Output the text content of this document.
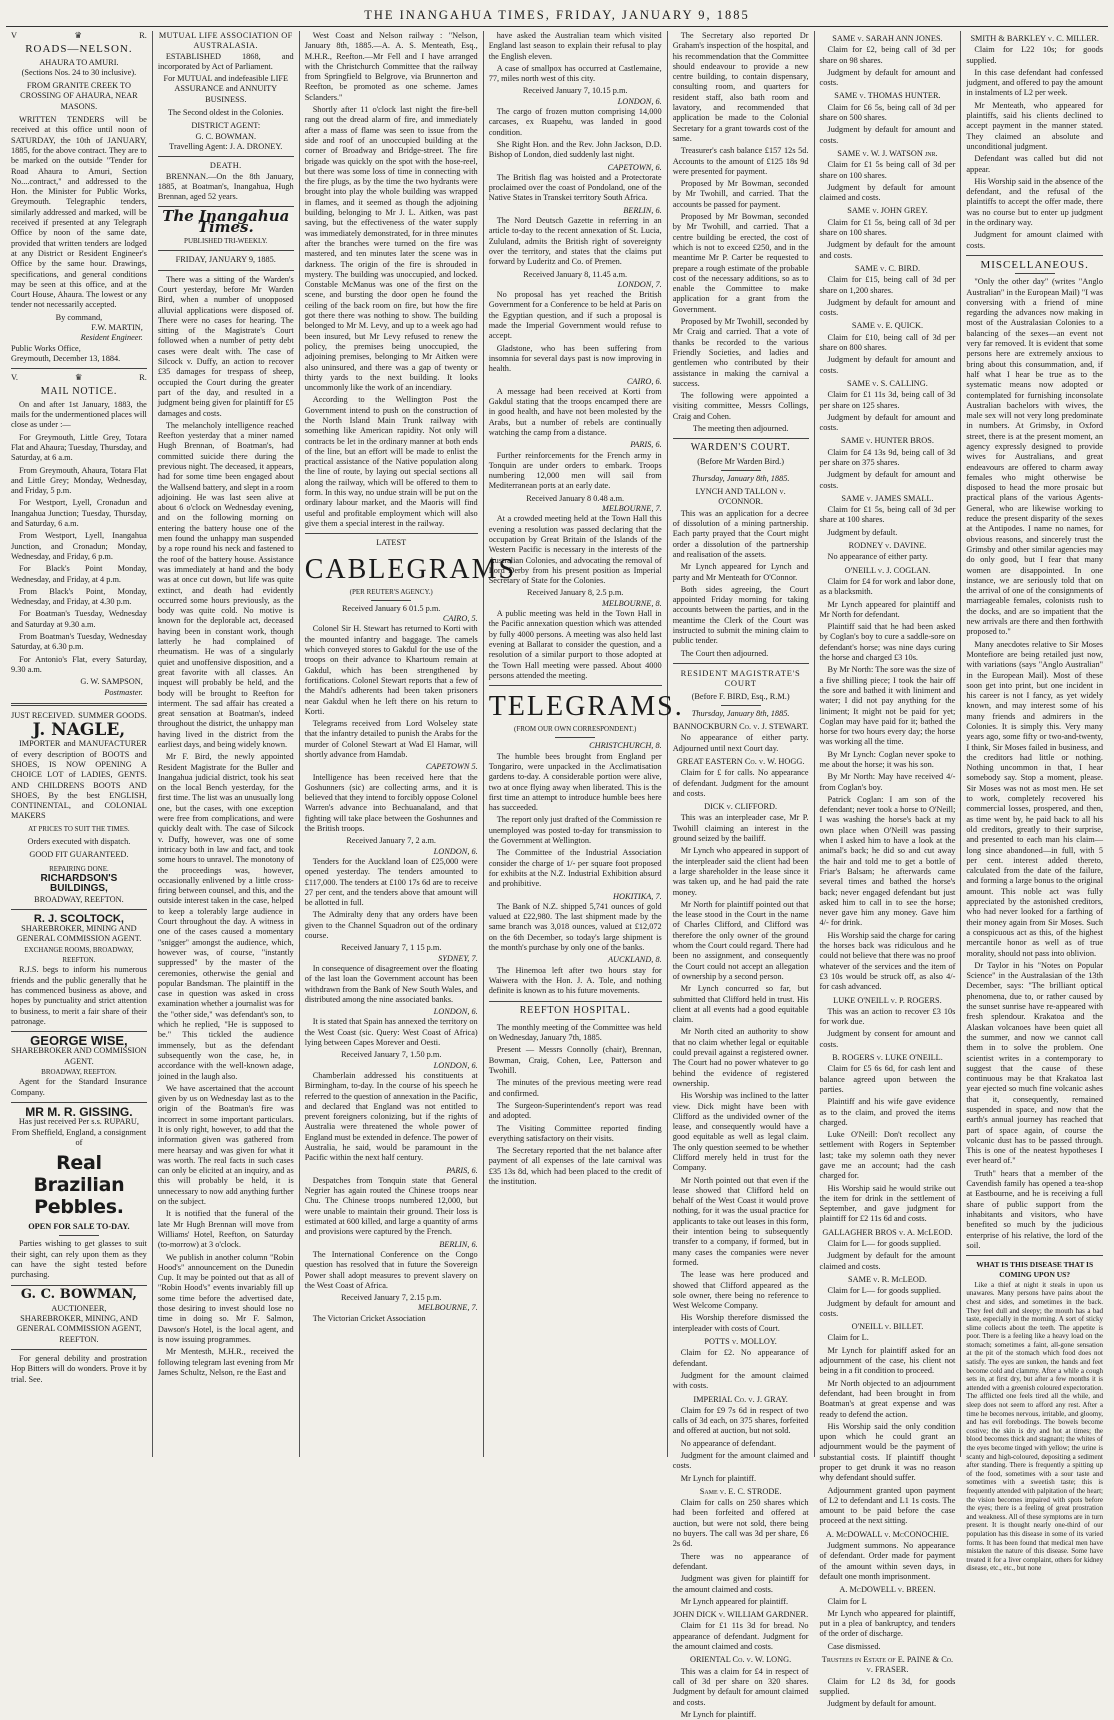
THE INANGAHUA TIMES, FRIDAY, JANUARY 9, 1885
V	♛	R.
ROADS—NELSON.
AHAURA TO AMURI.
(Sections Nos. 24 to 30 inclusive).
FROM GRANITE CREEK TO CROSSING OF AHAURA, NEAR MASONS.

WRITTEN TENDERS will be received at this office until noon of SATURDAY, the 10th of JANUARY, 1885, for the above contract. They are to be marked on the outside "Tender for Road Ahaura to Amuri, Section No....contract," and addressed to the Hon. the Minister for Public Works, Greymouth. Telegraphic tenders, similarly addressed and marked, will be received if presented at any Telegraph Office by noon of the same date, provided that written tenders are lodged at any District or Resident Engineer's Office by the same hour. Drawings, specifications, and general conditions may be seen at this office, and at the Court House, Ahaura. The lowest or any tender not necessarily accepted.

By command,
F.W. MARTIN,
Resident Engineer.
Public Works Office,
Greymouth, December 13, 1884.
V.	♛	R.
MAIL NOTICE.

On and after 1st January, 1883, the mails for the undermentioned places will close as under :—

For Greymouth, Little Grey, Totara Flat and Ahaura; Tuesday, Thursday, and Saturday, at 6 a.m.

From Greymouth, Ahaura, Totara Flat and Little Grey; Monday, Wednesday, and Friday, 5 p.m.

For Westport, Lyell, Cronadun and Inangahua Junction; Tuesday, Thursday, and Saturday, 6 a.m.

From Westport, Lyell, Inangahua Junction, and Cronadun; Monday, Wednesday, and Friday, 6 p.m.

For Black's Point Monday, Wednesday, and Friday, at 4 p.m.

From Black's Point, Monday, Wednesday, and Friday, at 4.30 p.m.

For Boatman's Tuesday, Wednesday and Saturday at 9.30 a.m.

From Boatman's Tuesday, Wednesday Saturday, at 6.30 p.m.

For Antonio's Flat, every Saturday, 9.30 a.m.

G. W. SAMPSON,
Postmaster.
JUST RECEIVED. SUMMER GOODS.
J. NAGLE,

IMPORTER and MANUFACTURER of every description of BOOTS and SHOES, IS NOW OPENING A CHOICE LOT of LADIES, GENTS. AND CHILDRENS BOOTS AND SHOES, By the best ENGLISH, CONTINENTAL, and COLONIAL MAKERS

AT PRICES TO SUIT THE TIMES.
Orders executed with dispatch.
GOOD FIT GUARANTEED.
REPAIRING DONE.
RICHARDSON'S BUILDINGS,
BROADWAY, REEFTON.
R. J. SCOLTOCK,
SHAREBROKER, MINING AND GENERAL COMMISSION AGENT.
EXCHANGE ROOMS, BROADWAY, REEFTON.

R.J.S. begs to inform his numerous friends and the public generally that he has commenced business as above, and hopes by punctuality and strict attention to business, to merit a fair share of their patronage.

GEORGE WISE,
SHAREBROKER AND COMMISSION AGENT.
BROADWAY, REEFTON.

Agent for the Standard Insurance Company.

MR M. R. GISSING.
Has just received Per s.s. RUPARU, From Sheffield, England, a consignment of
Real Brazilian Pebbles.
OPEN FOR SALE TO-DAY.

Parties wishing to get glasses to suit their sight, can rely upon them as they can have the sight tested before purchasing.

G. C. BOWMAN,
AUCTIONEER,
SHAREBROKER, MINING, AND GENERAL COMMISSION AGENT,
REEFTON.

For general debility and prostration Hop Bitters will do wonders. Prove it by trial. See.

MUTUAL LIFE ASSOCIATION OF AUSTRALASIA.

ESTABLISHED 1868, and incorporated by Act of Parliament.

For MUTUAL and indefeasible LIFE ASSURANCE and ANNUITY BUSINESS.
The Second oldest in the Colonies.
DISTRICT AGENT:
G. C. BOWMAN.
Travelling Agent: J. A. DRONEY.
DEATH.

BRENNAN.—On the 8th January, 1885, at Boatman's, Inangahua, Hugh Brennan, aged 52 years.

The Inangahua Times.
PUBLISHED TRI-WEEKLY.
FRIDAY, JANUARY 9, 1885.

There was a sitting of the Warden's Court yesterday, before Mr Warden Bird, when a number of unopposed alluvial applications were disposed of. There were no cases for hearing. The sitting of the Magistrate's Court followed when a number of petty debt cases were dealt with. The case of Silcock v. Duffy, an action to recover £35 damages for trespass of sheep, occupied the Court during the greater part of the day, and resulted in a judgment being given for plaintiff for £5 damages and costs.

The melancholy intelligence reached Reefton yesterday that a miner named Hugh Brennan, of Boatman's, had committed suicide there during the previous night. The deceased, it appears, had for some time been engaged about the Wallsend battery, and slept in a room adjoining. He was last seen alive at about 6 o'clock on Wednesday evening, and on the following morning on entering the battery house one of the men found the unhappy man suspended by a rope round his neck and fastened to the roof of the battery house. Assistance was immediately at hand and the body was at once cut down, but life was quite extinct, and death had evidently occurred some hours previously, as the body was quite cold. No motive is known for the deplorable act, deceased having been in constant work, though latterly he had complained of rheumatism. He was of a singularly quiet and unoffensive disposition, and a great favorite with all classes. An inquest will probably be held, and the body will be brought to Reefton for interment. The sad affair has created a great sensation at Boatman's, indeed throughout the district, the unhappy man having lived in the district from the earliest days, and being widely known.

Mr F. Bird, the newly appointed Resident Magistrate for the Buller and Inangahua judicial district, took his seat on the local Bench yesterday, for the first time. The list was an unusually long one, but the cases, with one exception were free from complications, and were quickly dealt with. The case of Silcock v. Duffy, however, was one of some intricacy both in law and fact, and took some hours to unravel. The monotony of the proceedings was, however, occasionally enlivened by a little cross-firing between counsel, and this, and the outside interest taken in the case, helped to keep a tolerably large audience in Court throughout the day. A witness in one of the cases caused a momentary "snigger" amongst the audience, which, however was, of course, "instantly suppressed" by the master of the ceremonies, otherwise the genial and popular Bandsman. The plaintiff in the case in question was asked in cross examination whether a journalist was for the "other side," was defendant's son, to which he replied, "He is supposed to be." This tickled the audience immensely, but as the defendant subsequently won the case, he, in accordance with the well-known adage, joined in the laugh also.

We have ascertained that the account given by us on Wednesday last as to the origin of the Boatman's fire was incorrect in some important particulars. It is only right, however, to add that the information given was gathered from mere hearsay and was given for what it was worth. The real facts in such cases can only be elicited at an inquiry, and as this will probably be held, it is unnecessary to now add anything further on the subject.

It is notified that the funeral of the late Mr Hugh Brennan will move from Williams' Hotel, Reefton, on Saturday (to-morrow) at 3 o'clock.

We publish in another column "Robin Hood's" announcement on the Dunedin Cup. It may be pointed out that as all of "Robin Hood's" events invariably fill up some time before the advertised date, those desiring to invest should lose no time in doing so. Mr F. Salmon, Dawson's Hotel, is the local agent, and is now issuing programmes.

Mr Mentesth, M.H.R., received the following telegram last evening from Mr James Schultz, Nelson, re the East and

West Coast and Nelson railway : "Nelson, January 8th, 1885.—A. A. S. Menteath, Esq., M.H.R., Reefton.—Mr Fell and I have arranged with the Christchurch Committee that the railway from Springfield to Belgrove, via Brunnerton and Reefton, be promoted as one scheme. James Sclanders."

Shortly after 11 o'clock last night the fire-bell rang out the dread alarm of fire, and immediately after a mass of flame was seen to issue from the side and roof of an unoccupied building at the corner of Broadway and Bridge-street. The fire brigade was quickly on the spot with the hose-reel, but there was some loss of time in connecting with the fire plugs, as by the time the two hydrants were brought into play the whole building was wrapped in flames, and it seemed as though the adjoining building, belonging to Mr J. L. Aitken, was past saving, but the effectiveness of the water supply was immediately demonstrated, for in three minutes after the branches were turned on the fire was mastered, and ten minutes later the scene was in darkness. The origin of the fire is shrouded in mystery. The building was unoccupied, and locked. Constable McManus was one of the first on the scene, and bursting the door open he found the ceiling of the back room on fire, but how the fire got there there was nothing to show. The building belonged to Mr M. Levy, and up to a week ago had been insured, but Mr Levy refused to renew the policy, the premises being unoccupied, the adjoining premises, belonging to Mr Aitken were also uninsured, and there was a gap of twenty or thirty yards to the next building. It looks uncommonly like the work of an incendiary.

According to the Wellington Post the Government intend to push on the construction of the North Island Main Trunk railway with something like American rapidity. Not only will contracts be let in the ordinary manner at both ends of the line, but an effort will be made to enlist the practical assistance of the Native population along the line of route, by laying out special sections all along the railway, which will be offered to them to form. In this way, no undue strain will be put on the ordinary labour market, and the Maoris will find useful and profitable employment which will also give them a special interest in the railway.

LATEST
CABLEGRAMS
(PER REUTER'S AGENCY.)
Received January 6 01.5 p.m.
CAIRO, 5.

Colonel Sir H. Stewart has returned to Korti with the mounted infantry and baggage. The camels which conveyed stores to Gakdul for the use of the troops on their advance to Khartoum remain at Gakdul, which has been strengthened by fortifications. Colonel Stewart reports that a few of the Mahdi's adherents had been taken prisoners near Gakdul when he left there on his return to Korti.

Telegrams received from Lord Wolseley state that the infantry detailed to punish the Arabs for the murder of Colonel Stewart at Wad El Hamar, will shortly advance from Hamdab.

CAPETOWN 5.

Intelligence has been received here that the Goshunners (sic) are collecting arms, and it is believed that they intend to forcibly oppose Colonel Warren's advance into Bechuanaland, and that fighting will take place between the Goshunnes and the British troops.

Received January 7, 2 a.m.
LONDON, 6.

Tenders for the Auckland loan of £25,000 were opened yesterday. The tenders amounted to £117,000. The tenders at £100 17s 6d are to receive 27 per cent, and the tenders above that amount will be allotted in full.

The Admiralty deny that any orders have been given to the Channel Squadron out of the ordinary course.

Received January 7, 1 15 p.m.
SYDNEY, 7.

In consequence of disagreement over the floating of the last loan the Government account has been withdrawn from the Bank of New South Wales, and distributed among the nine associated banks.

LONDON, 6.

It is stated that Spain has annexed the territory on the West Coast (sic. Query: West Coast of Africa) lying between Capes Morever and Oesti.

Received January 7, 1.50 p.m.
LONDON, 6.

Chamberlain addressed his constituents at Birmingham, to-day. In the course of his speech he referred to the question of annexation in the Pacific, and declared that England was not entitled to prevent foreigners colonizing, but if the rights of Australia were threatened the whole power of England must be extended in defence. The power of Australia, he said, would be paramount in the Pacific within the next half century.

PARIS, 6.

Despatches from Tonquin state that General Negrier has again routed the Chinese troops near Chu. The Chinese troops numbered 12,000, but were unable to maintain their ground. Their loss is estimated at 600 killed, and large a quantity of arms and provisions were captured by the French.

BERLIN, 6.

The International Conference on the Congo question has resolved that in future the Sovereign Power shall adopt measures to prevent slavery on the West Coast of Africa.

Received January 7, 2.15 p.m.
MELBOURNE, 7.

The Victorian Cricket Association

have asked the Australian team which visited England last season to explain their refusal to play the English eleven.

A case of smallpox has occurred at Castlemaine, 77, miles north west of this city.

Received January 7, 10.15 p.m.
LONDON, 6.

The cargo of frozen mutton comprising 14,000 carcases, ex Ruapehu, was landed in good condition.

She Right Hon. and the Rev. John Jackson, D.D. Bishop of London, died suddenly last night.

CAPETOWN, 6.

The British flag was hoisted and a Protectorate proclaimed over the coast of Pondoland, one of the Native States in Transkei territory South Africa.

BERLIN, 6.

The Nord Deutsch Gazette in referring in an article to-day to the recent annexation of St. Lucia, Zululand, admits the British right of sovereignty over the territory, and states that the claims put forward by Luderitz and Co. of Premen.

Received January 8, 11.45 a.m.
LONDON, 7.

No proposal has yet reached the British Government for a Conference to be held at Paris on the Egyptian question, and if such a proposal is made the Imperial Government would refuse to accept.

Gladstone, who has been suffering from insomnia for several days past is now improving in health.

CAIRO, 6.

A message had been received at Korti from Gakdul stating that the troops encamped there are in good health, and have not been molested by the Arabs, but a number of rebels are continually watching the camp from a distance.

PARIS, 6.

Further reinforcements for the French army in Tonquin are under orders to embark. Troops numbering 12,000 men will sail from Mediterranean ports at an early date.

Received January 8 0.48 a.m.
MELBOURNE, 7.

At a crowded meeting held at the Town Hall this evening a resolution was passed declaring that the occupation by Great Britain of the Islands of the Western Pacific is necessary in the interests of the Australian Colonies, and advocating the removal of Lord Derby from his present position as Imperial Secretary of State for the Colonies.

Received January 8, 2.5 p.m.
MELBOURNE, 8.

A public meeting was held in the Town Hall in the Pacific annexation question which was attended by fully 4000 persons. A meeting was also held last evening at Ballarat to consider the question, and a resolution of a similar purport to those adopted at the Town Hall meeting were passed. About 4000 persons attended the meeting.

TELEGRAMS.
(FROM OUR OWN CORRESPONDENT.)
CHRISTCHURCH, 8.

The humble bees brought from England per Tongariro, were unpacked in the Acclimatisation gardens to-day. A considerable portion were alive, two at once flying away when liberated. This is the first time an attempt to introduce humble bees here has succeeded.

The report only just drafted of the Commission re unemployed was posted to-day for transmission to the Government at Wellington.

The Committee of the Industrial Association consider the charge of 1/- per square foot proposed for exhibits at the N.Z. Industrial Exhibition absurd and prohibitive.

HOKITIKA, 7.

The Bank of N.Z. shipped 5,741 ounces of gold valued at £22,980. The last shipment made by the same branch was 3,018 ounces, valued at £12,072 on the 6th December, so today's large shipment is the month's purchase by only one of the banks.

AUCKLAND, 8.

The Hinemoa left after two hours stay for Waiwera with the Hon. J. A. Tole, and nothing definite is known as to his future movements.

REEFTON HOSPITAL.

The monthly meeting of the Committee was held on Wednesday, January 7th, 1885.

Present — Messrs Connolly (chair), Brennan, Bowman, Craig, Cohen, Lee, Patterson and Twohill.

The minutes of the previous meeting were read and confirmed.

The Surgeon-Superintendent's report was read and adopted.

The Visiting Committee reported finding everything satisfactory on their visits.

The Secretary reported that the net balance after payment of all expenses of the late carnival was £35 13s 8d, which had been placed to the credit of the institution.

The Secretary also reported Dr Graham's inspection of the hospital, and his recommendation that the Committee should endeavour to provide a new centre building, to contain dispensary, consulting room, and quarters for resident staff, also bath room and lavatory, and recommended that application be made to the Colonial Secretary for a grant towards cost of the same.

Treasurer's cash balance £157 12s 5d. Accounts to the amount of £125 18s 9d were presented for payment.

Proposed by Mr Bowman, seconded by Mr Twohill, and carried. That the accounts be passed for payment.

Proposed by Mr Bowman, seconded by Mr Twohill, and carried. That a centre building be erected, the cost of which is not to exceed £250, and in the meantime Mr P. Carter be requested to prepare a rough estimate of the probable cost of the necessary additions, so as to enable the Committee to make application for a grant from the Government.

Proposed by Mr Twohill, seconded by Mr Craig and carried. That a vote of thanks be recorded to the various Friendly Societies, and ladies and gentlemen who contributed by their assistance in making the carnival a success.

The following were appointed a visiting committee, Messrs Collings, Craig and Cohen.

The meeting then adjourned.

WARDEN'S COURT.
(Before Mr Warden Bird.)
Thursday, January 8th, 1885.
LYNCH AND TALLON v. O'CONNOR.

This was an application for a decree of dissolution of a mining partnership. Each party prayed that the Court might order a dissolution of the partnership and realisation of the assets.

Mr Lynch appeared for Lynch and party and Mr Menteath for O'Connor.

Both sides agreeing, the Court appointed Friday morning for taking accounts between the parties, and in the meantime the Clerk of the Court was instructed to submit the mining claim to public tender.

The Court then adjourned.

RESIDENT MAGISTRATE'S COURT
(Before F. BIRD, Esq., R.M.)
Thursday, January 8th, 1885.
BANNOCKBURN Co. v. J. STEWART.

No appearance of either party. Adjourned until next Court day.

GREAT EASTERN Co. v. W. HOGG.

Claim for £ for calls. No appearance of defendant. Judgment for the amount and costs.

DICK v. CLIFFORD.

This was an interpleader case, Mr P. Twohill claiming an interest in the ground seized by the bailiff.

Mr Lynch who appeared in support of the interpleader said the client had been a large shareholder in the lease since it was taken up, and he had paid the rate money.

Mr North for plaintiff pointed out that the lease stood in the Court in the name of Charles Clifford, and Clifford was therefore the only owner of the ground whom the Court could regard. There had been no assignment, and consequently the Court could not accept an allegation of ownership by a second person.

Mr Lynch concurred so far, but submitted that Clifford held in trust. His client at all events had a good equitable claim.

Mr North cited an authority to show that no claim whether legal or equitable could prevail against a registered owner. The Court had no power whatever to go behind the evidence of registered ownership.

His Worship was inclined to the latter view. Dick might have been with Clifford as the undivided owner of the lease, and consequently would have a good equitable as well as legal claim. The only question seemed to be whether Clifford merely held in trust for the Company.

Mr North pointed out that even if the lease showed that Clifford held on behalf of the West Coast it would prove nothing, for it was the usual practice for applicants to take out leases in this form, their intention being to subsequently transfer to a company, if formed, but in many cases the companies were never formed.

The lease was here produced and showed that Clifford appeared as the sole owner, there being no reference to West Welcome Company.

His Worship therefore dismissed the interpleader with costs of Court.

POTTS v. MOLLOY.

Claim for £2. No appearance of defendant.

Judgment for the amount claimed with costs.

IMPERIAL Co. v. J. GRAY.

Claim for £9 7s 6d in respect of two calls of 3d each, on 375 shares, forfeited and offered at auction, but not sold.

No appearance of defendant.

Judgment for the amount claimed and costs.

Mr Lynch for plaintiff.

Same v. E. C. STRODE.

Claim for calls on 250 shares which had been forfeited and offered at auction, but were not sold, there being no buyers. The call was 3d per share, £6 2s 6d.

There was no appearance of defendant.

Judgment was given for plaintiff for the amount claimed and costs.

Mr Lynch appeared for plaintiff.

JOHN DICK v. WILLIAM GARDNER.

Claim for £1 11s 3d for bread. No appearance of defendant. Judgment for the amount claimed and costs.

ORIENTAL Co. v. W. LONG.

This was a claim for £4 in respect of call of 3d per share on 320 shares. Judgment by default for amount claimed and costs.

Mr Lynch for plaintiff.

SAME v. SARAH ANN JONES.

Claim for £2, being call of 3d per share on 98 shares.

Judgment by default for amount and costs.

SAME v. THOMAS HUNTER.

Claim for £6 5s, being call of 3d per share on 500 shares.

Judgment by default for amount and costs.

SAME v. W. J. WATSON jnr.

Claim for £1 5s being call of 3d per share on 100 shares.

Judgment by default for amount claimed and costs.

SAME v. JOHN GREY.

Claim for £1 5s, being call of 3d per share on 100 shares.

Judgment by default for the amount and costs.

SAME v. C. BIRD.

Claim for £15, being call of 3d per share on 1,200 shares.

Judgment by default for amount and costs.

SAME v. E. QUICK.

Claim for £10, being call of 3d per share on 800 shares.

Judgment by default for amount and costs.

SAME v. S. CALLING.

Claim for £1 11s 3d, being call of 3d per share on 125 shares.

Judgment by default for amount and costs.

SAME v. HUNTER BROS.

Claim for £4 13s 9d, being call of 3d per share on 375 shares.

Judgment by default for amount and costs.

SAME v. JAMES SMALL.

Claim for £1 5s, being call of 3d per share at 100 shares.

Judgment by default.

RODNEY v. DAVINE.

No appearance of either party.

O'NEILL v. J. COGLAN.

Claim for £4 for work and labor done, as a blacksmith.

Mr Lynch appeared for plaintiff and Mr North for defendant.

Plaintiff said that he had been asked by Coglan's boy to cure a saddle-sore on defendant's horse; was nine days curing the horse and charged £3 10s.

By Mr North: The sore was the size of a five shilling piece; I took the hair off the sore and bathed it with liniment and water; I did not pay anything for the liniment; It might not be paid for yet; Coglan may have paid for it; bathed the horse for two hours every day; the horse was working all the time.

By Mr Lynch: Coglan never spoke to me about the horse; it was his son.

By Mr North: May have received 4/- from Coglan's boy.

Patrick Coglan: I am son of the defendant; never took a horse to O'Neill; I was washing the horse's back at my own place when O'Neill was passing when I asked him to have a look at the animal's back; he did so and cut away the hair and told me to get a bottle of Friar's Balsam; he afterwards came several times and bathed the horse's back; never engaged defendant but just asked him to call in to see the horse; never gave him any money. Gave him 4/- for drink.

His Worship said the charge for caring the horses back was ridiculous and he could not believe that there was no proof whatever of the services and the item of £3 10s would be struck off, as also 4/- for cash advanced.

LUKE O'NEILL v. P. ROGERS.

This was an action to recover £3 10s for work due.

Judgment by consent for amount and costs.

B. ROGERS v. LUKE O'NEILL.

Claim for £5 6s 6d, for cash lent and balance agreed upon between the parties.

Plaintiff and his wife gave evidence as to the claim, and proved the items charged.

Luke O'Neill: Don't recollect any settlement with Rogers in September last; take my solemn oath they never gave me an account; had the cash charged for.

His Worship said he would strike out the item for drink in the settlement of September, and gave judgment for plaintiff for £2 11s 6d and costs.

GALLAGHER BROS v. A. McLEOD.

Claim for L— for goods supplied.

Judgment by default for the amount claimed and costs.

SAME v. R. McLEOD.

Claim for L— for goods supplied.

Judgment by default for amount and costs.

O'NEILL v. BILLET.

Claim for L.

Mr Lynch for plaintiff asked for an adjournment of the case, his client not being in a fit condition to proceed.

Mr North objected to an adjournment defendant, had been brought in from Boatman's at great expense and was ready to defend the action.

His Worship said the only condition upon which he could grant an adjournment would be the payment of substantial costs. If plaintiff thought proper to get drunk it was no reason why defendant should suffer.

Adjournment granted upon payment of L2 to defendant and L1 1s costs. The amount to be paid before the case proceed at the next sitting.

A. McDOWALL v. McCONOCHIE.

Judgment summons. No appearance of defendant. Order made for payment of the amount within seven days, in default one month imprisonment.

A. McDOWELL v. BREEN.

Claim for L

Mr Lynch who appeared for plaintiff, put in a plea of bankruptcy, and tenders of the order of discharge.

Case dismissed.

Trustees in Estate of E. PAINE & Co. v. FRASER.

Claim for L2 8s 3d, for goods supplied.

Judgment by default for amount.

SMITH & BARKLEY v. C. MILLER.

Claim for L22 10s; for goods supplied.

In this case defendant had confessed judgment, and offered to pay the amount in instalments of L2 per week.

Mr Menteath, who appeared for plaintiffs, said his clients declined to accept payment in the manner stated. They claimed an absolute and unconditional judgment.

Defendant was called but did not appear.

His Worship said in the absence of the defendant, and the refusal of the plaintiffs to accept the offer made, there was no course but to enter up judgment in the ordinary way.

Judgment for amount claimed with costs.

MISCELLANEOUS.

"Only the other day" (writes "Anglo Australian" in the European Mail) "I was conversing with a friend of mine regarding the advances now making in most of the Australasian Colonies to a balancing of the sexes—an event not very far removed. It is evident that some persons here are extremely anxious to bring about this consummation, and, if half what I hear be true as to the systematic means now adopted or contemplated for furnishing inconsolate Australian bachelors with wives, the male sex will not very long predominate in numbers. At Grimsby, in Oxford street, there is at the present moment, an agency expressly designed to provide wives for Australians, and great endeavours are offered to charm away females who might otherwise be disposed to head the more prosaic but practical plans of the various Agents-General, who are likewise working to reduce the present disparity of the sexes at the Antipodes. I name no names, for obvious reasons, and sincerely trust the Grimsby and other similar agencies may do only good, but I fear that many women are disappointed. In one instance, we are seriously told that on the arrival of one of the consignments of marriageable females, colonists rush to the docks, and are so impatient that the new arrivals are there and then forthwith proposed to."

Many anecdotes relative to Sir Moses Montefiore are being retailed just now, with variations (says "Anglo Australian" in the European Mail). Most of these soon get into print, but one incident in his career is not I fancy, as yet widely known, and may interest some of his many friends and admirers in the Colonies. It is simply this. Very many years ago, some fifty or two-and-twenty, I think, Sir Moses failed in business, and the creditors had little or nothing. Nothing uncommon in that, I hear somebody say. Stop a moment, please. Sir Moses was not as most men. He set to work, completely recovered his commercial losses, prospered, and then, as time went by, he paid back to all his old creditors, greatly to their surprise, and presented to each man his claim—long since abandoned—in full, with 5 per cent. interest added thereto, calculated from the date of the failure, and forming a large bonus to the original amount. This noble act was fully appreciated by the astonished creditors, who had never looked for a farthing of their money again from Sir Moses. Such a conspicuous act as this, of the highest mercantile honor as well as of true morality, should not pass into oblivion.

Dr Taylor in his "Notes on Popular Science" in the Australasian of the 13th December, says: "The brilliant optical phenomena, due to, or rather caused by the sunset sunrise have re-appeared with fresh splendour. Krakatoa and the Alaskan volcanoes have been quiet all the summer, and now we cannot call them in to solve the problem. One scientist writes in a contemporary to suggest that the cause of these continuous may be that Krakatoa last year ejected so much fine volcanic ashes that it, consequently, remained suspended in space, and now that the earth's annual journey has reached that part of space again, of course the volcanic dust has to be passed through. This is one of the neatest hypotheses I ever heard of."

Truth" hears that a member of the Cavendish family has opened a tea-shop at Eastbourne, and he is receiving a full share of public support from the inhabitants and visitors, who have benefited so much by the judicious enterprise of his relative, the lord of the soil.

WHAT IS THIS DISEASE THAT IS COMING UPON US?

Like a thief at night it steals in upon us unawares. Many persons have pains about the chest and sides, and sometimes in the back. They feel dull and sleepy; the mouth has a bad taste, especially in the morning. A sort of sticky slime collects about the teeth. The appetite is poor. There is a feeling like a heavy load on the stomach; sometimes a faint, all-gone sensation at the pit of the stomach which food does not satisfy. The eyes are sunken, the hands and feet become cold and clammy. After a while a cough sets in, at first dry, but after a few months it is attended with a greenish coloured expectoration. The afflicted one feels tired all the while, and sleep does not seem to afford any rest. After a time he becomes nervous, irritable, and gloomy, and has evil forebodings. The bowels become costive; the skin is dry and hot at times; the blood becomes thick and stagnant; the whites of the eyes become tinged with yellow; the urine is scanty and high-coloured, depositing a sediment after standing. There is frequently a spitting up of the food, sometimes with a sour taste and sometimes with a sweetish taste; this is frequently attended with palpitation of the heart; the vision becomes impaired with spots before the eyes; there is a feeling of great prostration and weakness. All of these symptoms are in turn present. It is thought nearly one-third of our population has this disease in some of its varied forms. It has been found that medical men have mistaken the nature of this disease. Some have treated it for a liver complaint, others for kidney disease, etc., etc., but none
